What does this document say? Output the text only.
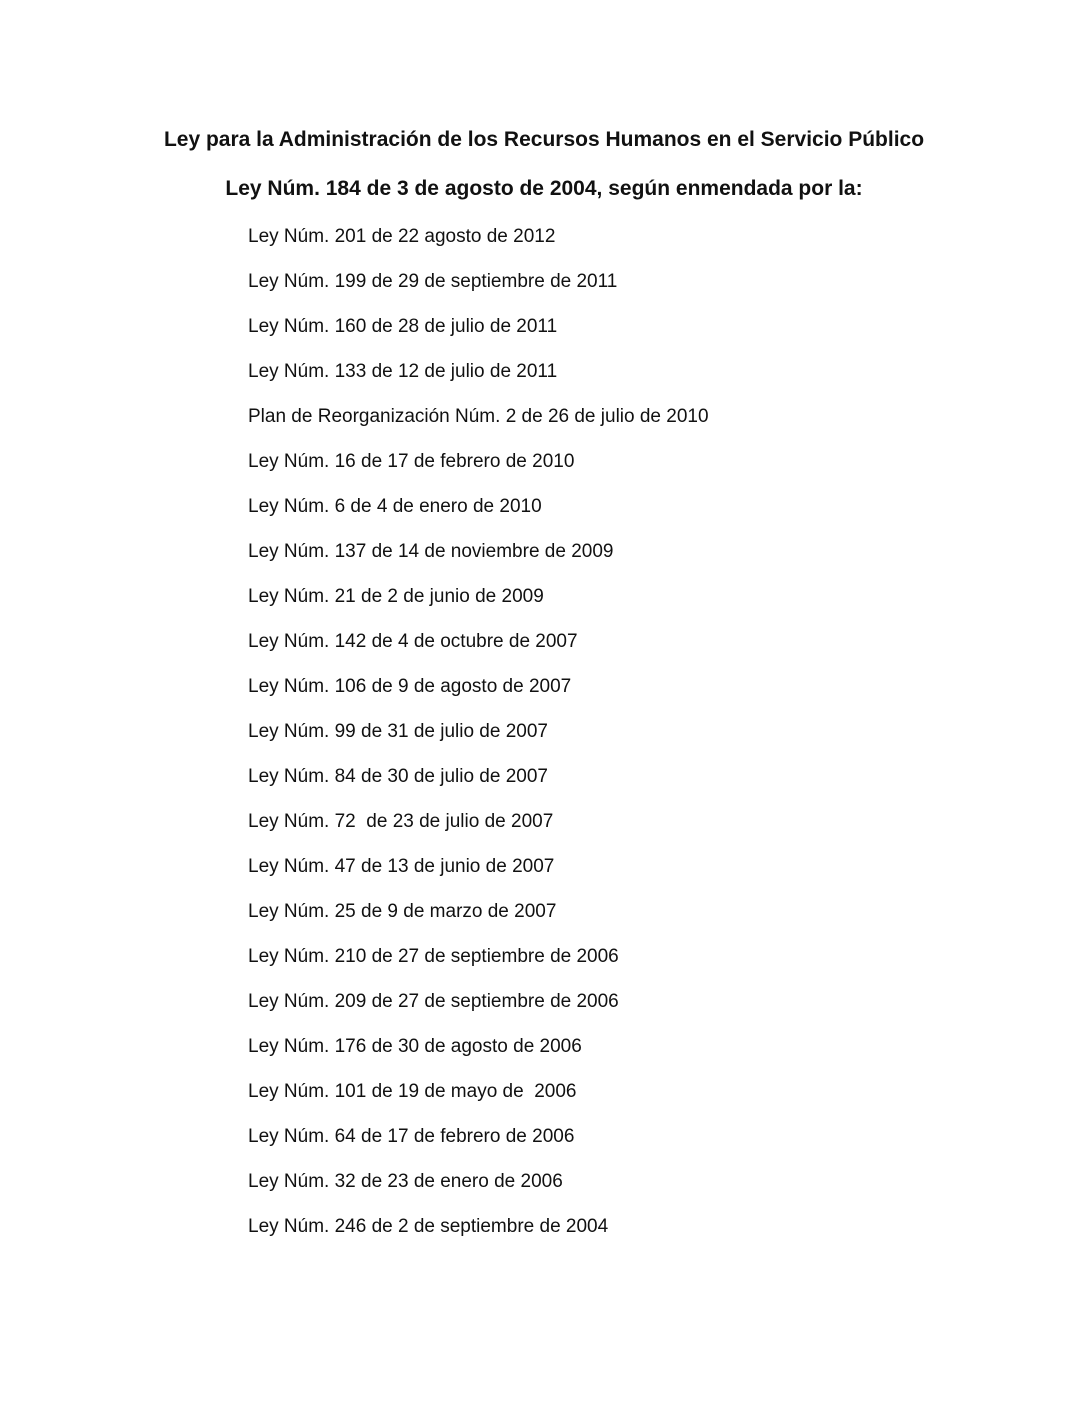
Ley para la Administración de los Recursos Humanos en el Servicio Público
Ley Núm. 184 de 3 de agosto de 2004, según enmendada por la:
Ley Núm. 201 de 22 agosto de 2012
Ley Núm. 199 de 29 de septiembre de 2011
Ley Núm. 160 de 28 de julio de 2011
Ley Núm. 133 de 12 de julio de 2011
Plan de Reorganización Núm. 2 de 26 de julio de 2010
Ley Núm. 16 de 17 de febrero de 2010
Ley Núm. 6 de 4 de enero de 2010
Ley Núm. 137 de 14 de noviembre de 2009
Ley Núm. 21 de 2 de junio de 2009
Ley Núm. 142 de 4 de octubre de 2007
Ley Núm. 106 de 9 de agosto de 2007
Ley Núm. 99 de 31 de julio de 2007
Ley Núm. 84 de 30 de julio de 2007
Ley Núm. 72  de 23 de julio de 2007
Ley Núm. 47 de 13 de junio de 2007
Ley Núm. 25 de 9 de marzo de 2007
Ley Núm. 210 de 27 de septiembre de 2006
Ley Núm. 209 de 27 de septiembre de 2006
Ley Núm. 176 de 30 de agosto de 2006
Ley Núm. 101 de 19 de mayo de  2006
Ley Núm. 64 de 17 de febrero de 2006
Ley Núm. 32 de 23 de enero de 2006
Ley Núm. 246 de 2 de septiembre de 2004
